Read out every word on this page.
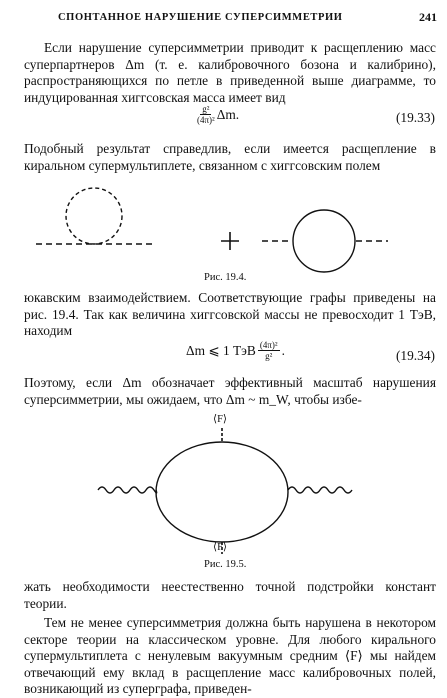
СПОНТАННОЕ НАРУШЕНИЕ СУПЕРСИММЕТРИИ	241
Если нарушение суперсимметрии приводит к расщеплению масс суперпартнеров Δm (т. е. калибровочного бозона и калибрино), распространяющихся по петле в приведенной выше диаграмме, то индуцированная хиггсовская масса имеет вид
$\frac{\text{g²}}{\text{(4π)²}} \Delta m$.	(19.33)
Подобный результат справедлив, если имеется расщепление в киральном супермультиплете, связанном с хиггсовским полем
Рис. 19.4.
юкавским взаимодействием. Соответствующие графы приведены на рис. 19.4. Так как величина хиггсовской массы не превосходит 1 ТэВ, находим
Δm ⩽ 1 ТэВ $\frac{\text{(4π)²}}{\text{g²}}$ .	(19.34)
Поэтому, если Δm обозначает эффективный масштаб нарушения суперсимметрии, мы ожидаем, что Δm ~ m_W, чтобы избе-
⟨F⟩
⟨F⟩
Рис. 19.5.
жать необходимости неестественно точной подстройки констант теории.
Тем не менее суперсимметрия должна быть нарушена в некотором секторе теории на классическом уровне. Для любого кирального супермультиплета с ненулевым вакуумным средним ⟨F⟩ мы найдем отвечающий ему вклад в расщепление масс калибровочных полей, возникающий из суперграфа, приведен-
